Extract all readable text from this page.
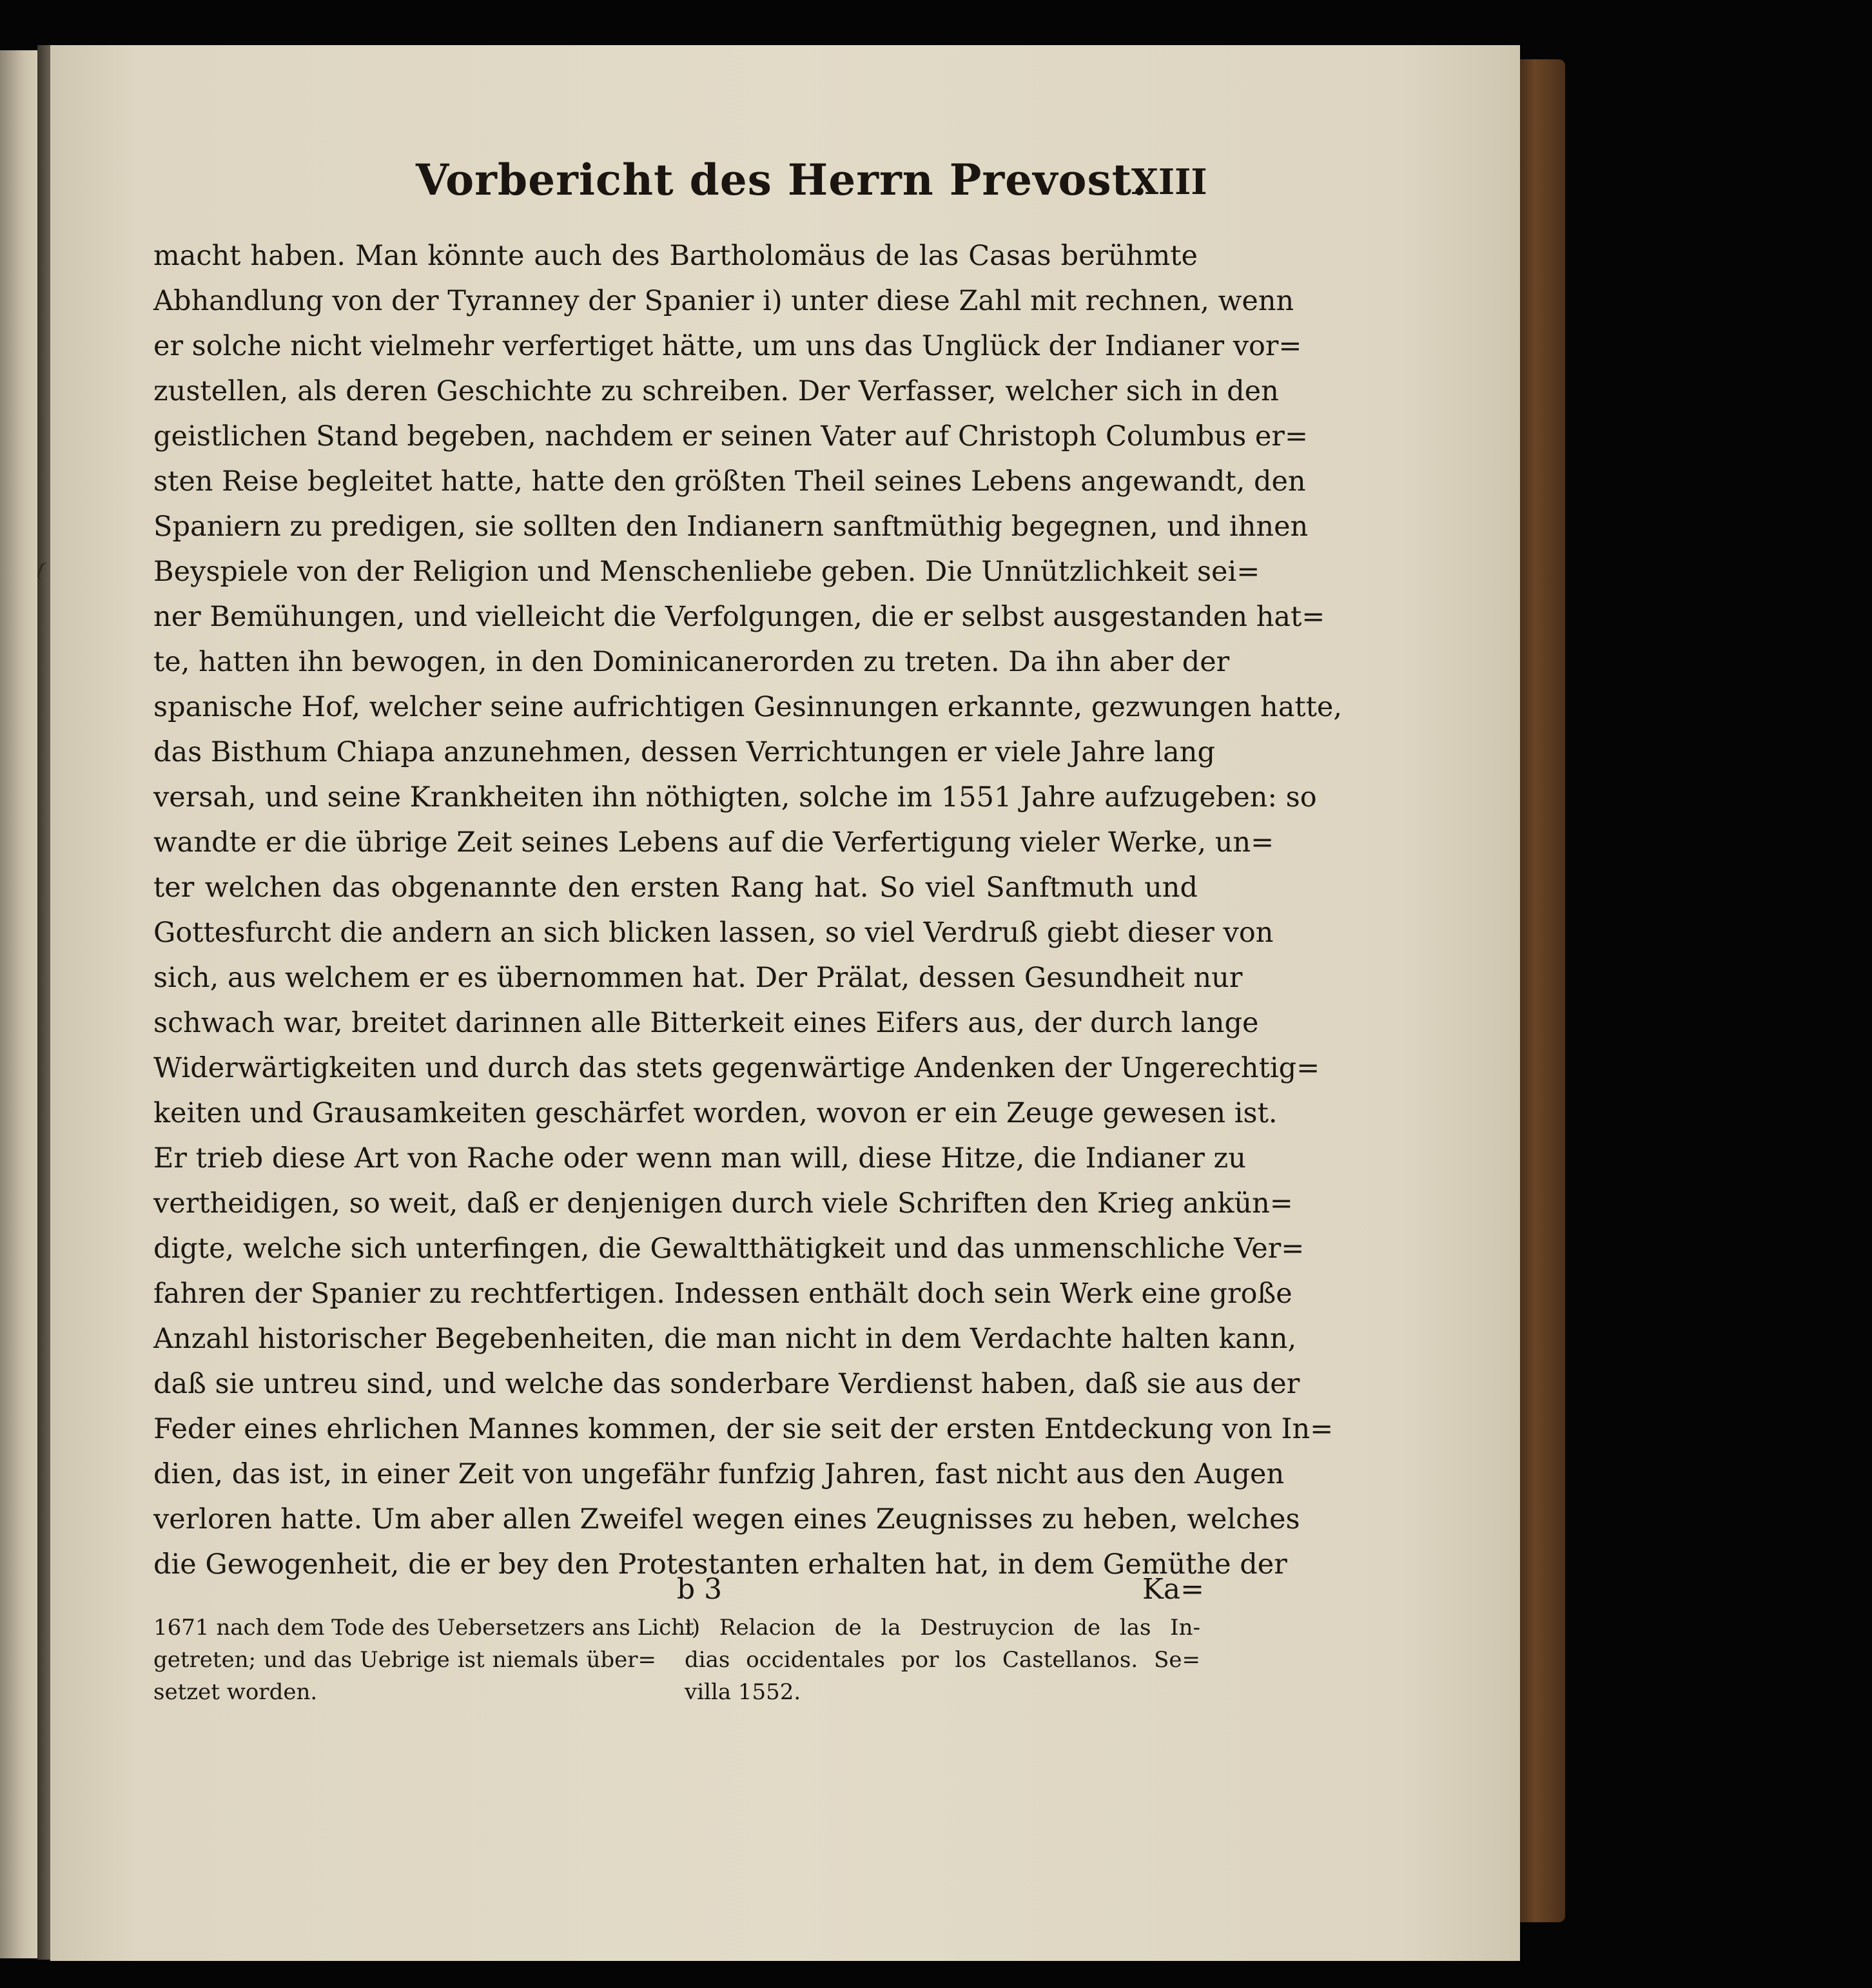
Vorbericht des Herrn Prevost.
XIII
macht haben. Man könnte auch des Bartholomäus de las Casas berühmte
Abhandlung von der Tyranney der Spanier i) unter diese Zahl mit rechnen, wenn
er solche nicht vielmehr verfertiget hätte, um uns das Unglück der Indianer vor=
zustellen, als deren Geschichte zu schreiben. Der Verfasser, welcher sich in den
geistlichen Stand begeben, nachdem er seinen Vater auf Christoph Columbus er=
sten Reise begleitet hatte, hatte den größten Theil seines Lebens angewandt, den
Spaniern zu predigen, sie sollten den Indianern sanftmüthig begegnen, und ihnen
Beyspiele von der Religion und Menschenliebe geben. Die Unnützlichkeit sei=
ner Bemühungen, und vielleicht die Verfolgungen, die er selbst ausgestanden hat=
te, hatten ihn bewogen, in den Dominicanerorden zu treten. Da ihn aber der
spanische Hof, welcher seine aufrichtigen Gesinnungen erkannte, gezwungen hatte,
das Bisthum Chiapa anzunehmen, dessen Verrichtungen er viele Jahre lang
versah, und seine Krankheiten ihn nöthigten, solche im 1551 Jahre aufzugeben: so
wandte er die übrige Zeit seines Lebens auf die Verfertigung vieler Werke, un=
ter welchen das obgenannte den ersten Rang hat. So viel Sanftmuth und
Gottesfurcht die andern an sich blicken lassen, so viel Verdruß giebt dieser von
sich, aus welchem er es übernommen hat. Der Prälat, dessen Gesundheit nur
schwach war, breitet darinnen alle Bitterkeit eines Eifers aus, der durch lange
Widerwärtigkeiten und durch das stets gegenwärtige Andenken der Ungerechtig=
keiten und Grausamkeiten geschärfet worden, wovon er ein Zeuge gewesen ist.
Er trieb diese Art von Rache oder wenn man will, diese Hitze, die Indianer zu
vertheidigen, so weit, daß er denjenigen durch viele Schriften den Krieg ankün=
digte, welche sich unterfingen, die Gewaltthätigkeit und das unmenschliche Ver=
fahren der Spanier zu rechtfertigen. Indessen enthält doch sein Werk eine große
Anzahl historischer Begebenheiten, die man nicht in dem Verdachte halten kann,
daß sie untreu sind, und welche das sonderbare Verdienst haben, daß sie aus der
Feder eines ehrlichen Mannes kommen, der sie seit der ersten Entdeckung von In=
dien, das ist, in einer Zeit von ungefähr funfzig Jahren, fast nicht aus den Augen
verloren hatte. Um aber allen Zweifel wegen eines Zeugnisses zu heben, welches
die Gewogenheit, die er bey den Protestanten erhalten hat, in dem Gemüthe der
b 3	Ka=
1671 nach dem Tode des Uebersetzers ans Licht
getreten; und das Uebrige ist niemals über=
setzet worden.
i) Relacion de la Destruycion de las In-
dias occidentales por los Castellanos. Se=
villa 1552.
